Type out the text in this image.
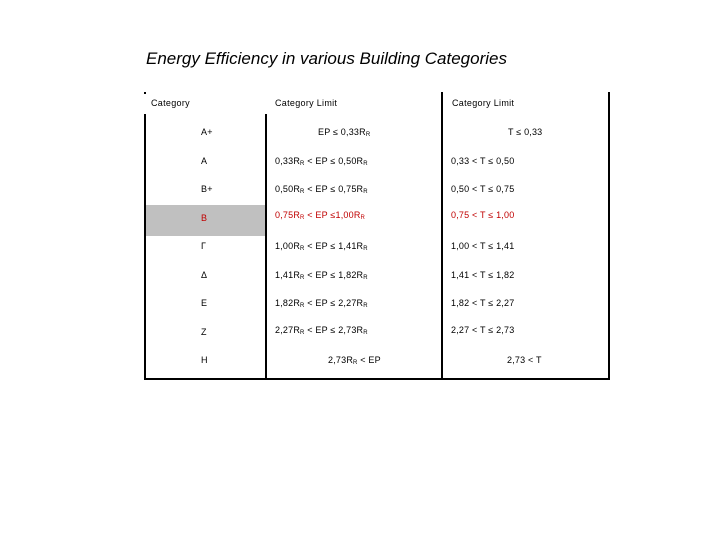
Energy Efficiency in various Building Categories
Category	Category Limit	Category Limit
A+	EP ≤ 0,33RR	T ≤ 0,33
A	0,33RR < EP ≤ 0,50RR	0,33 < T ≤ 0,50
B+	0,50RR < EP ≤ 0,75RR	0,50 < T ≤ 0,75
B	0,75RR < EP ≤1,00RR	0,75 < T ≤ 1,00
Γ	1,00RR < EP ≤ 1,41RR	1,00 < T ≤ 1,41
Δ	1,41RR < EP ≤ 1,82RR	1,41 < T ≤ 1,82
E	1,82RR < EP ≤ 2,27RR	1,82 < T ≤ 2,27
Z	2,27RR < EP ≤ 2,73RR	2,27 < T ≤ 2,73
H	2,73RR < EP	2,73 < T
